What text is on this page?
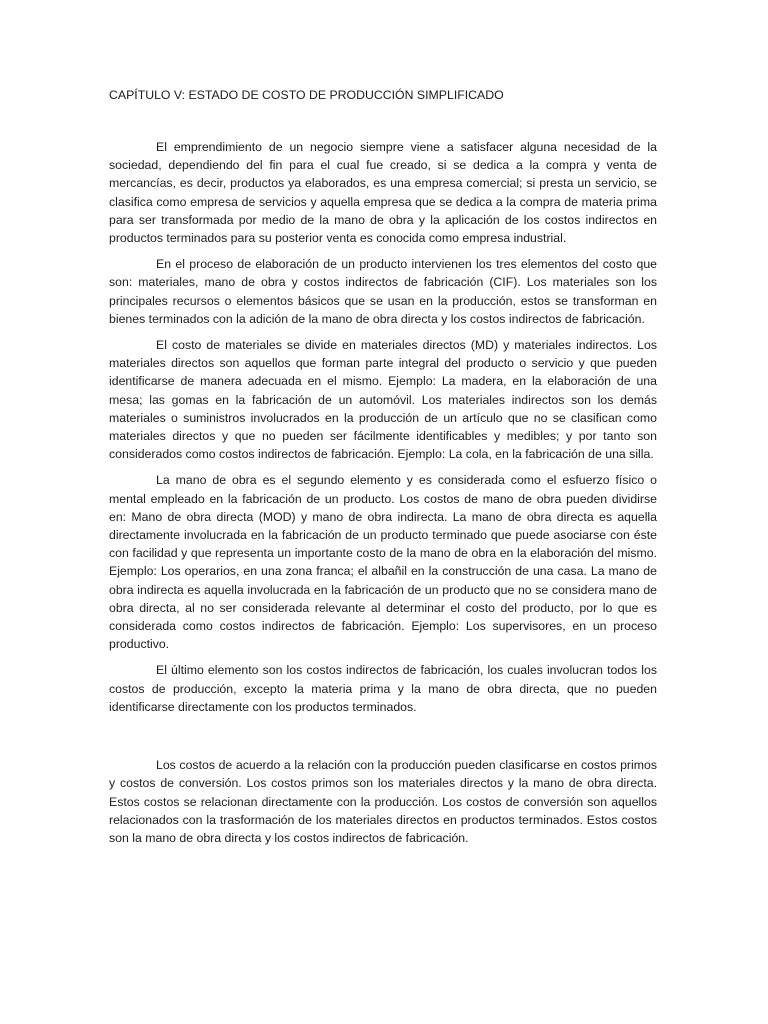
CAPÍTULO V: ESTADO DE COSTO DE PRODUCCIÓN SIMPLIFICADO

El emprendimiento de un negocio siempre viene a satisfacer alguna necesidad de la sociedad, dependiendo del fin para el cual fue creado, si se dedica a la compra y venta de mercancías, es decir, productos ya elaborados, es una empresa comercial; si presta un servicio, se clasifica como empresa de servicios y aquella empresa que se dedica a la compra de materia prima para ser transformada por medio de la mano de obra y la aplicación de los costos indirectos en productos terminados para su posterior venta es conocida como empresa industrial.

En el proceso de elaboración de un producto intervienen los tres elementos del costo que son: materiales, mano de obra y costos indirectos de fabricación (CIF). Los materiales son los principales recursos o elementos básicos que se usan en la producción, estos se transforman en bienes terminados con la adición de la mano de obra directa y los costos indirectos de fabricación.

El costo de materiales se divide en materiales directos (MD) y materiales indirectos. Los materiales directos son aquellos que forman parte integral del producto o servicio y que pueden identificarse de manera adecuada en el mismo. Ejemplo: La madera, en la elaboración de una mesa; las gomas en la fabricación de un automóvil. Los materiales indirectos son los demás materiales o suministros involucrados en la producción de un artículo que no se clasifican como materiales directos y que no pueden ser fácilmente identificables y medibles; y por tanto son considerados como costos indirectos de fabricación. Ejemplo: La cola, en la fabricación de una silla.

La mano de obra es el segundo elemento y es considerada como el esfuerzo físico o mental empleado en la fabricación de un producto. Los costos de mano de obra pueden dividirse en: Mano de obra directa (MOD) y mano de obra indirecta. La mano de obra directa es aquella directamente involucrada en la fabricación de un producto terminado que puede asociarse con éste con facilidad y que representa un importante costo de la mano de obra en la elaboración del mismo. Ejemplo: Los operarios, en una zona franca; el albañil en la construcción de una casa. La mano de obra indirecta es aquella involucrada en la fabricación de un producto que no se considera mano de obra directa, al no ser considerada relevante al determinar el costo del producto, por lo que es considerada como costos indirectos de fabricación. Ejemplo: Los supervisores, en un proceso productivo.

El último elemento son los costos indirectos de fabricación, los cuales involucran todos los costos de producción, excepto la materia prima y la mano de obra directa, que no pueden identificarse directamente con los productos terminados.

Los costos de acuerdo a la relación con la producción pueden clasificarse en costos primos y costos de conversión. Los costos primos son los materiales directos y la mano de obra directa. Estos costos se relacionan directamente con la producción. Los costos de conversión son aquellos relacionados con la trasformación de los materiales directos en productos terminados. Estos costos son la mano de obra directa y los costos indirectos de fabricación.
